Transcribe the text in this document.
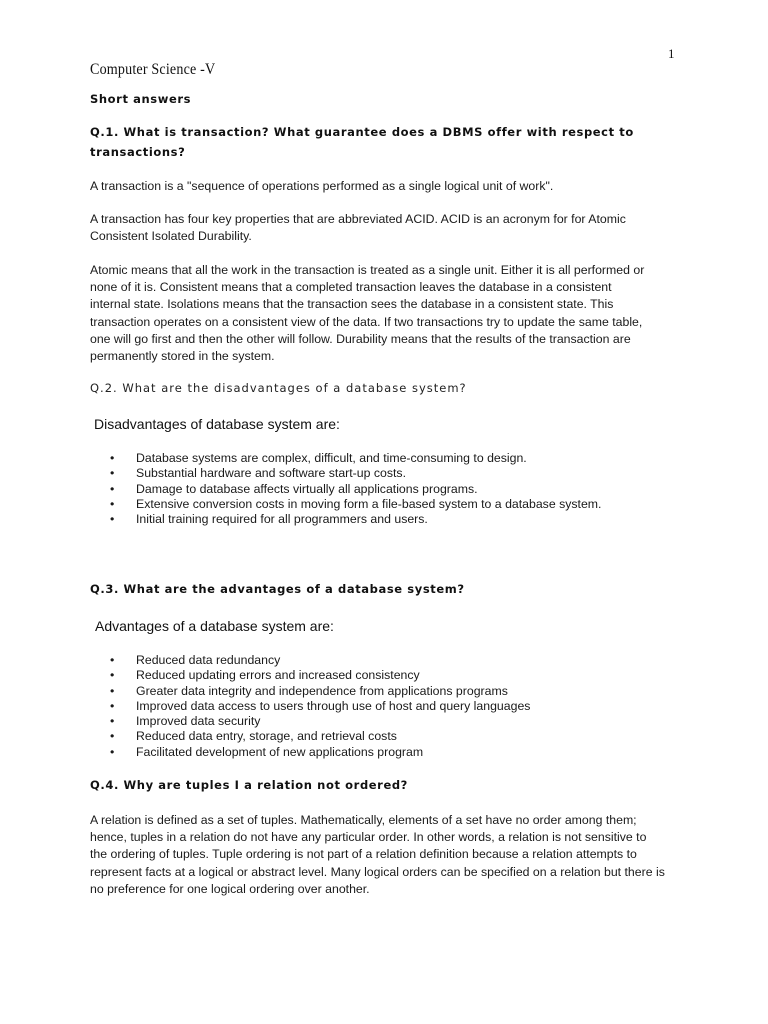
1
Computer Science -V
Short answers
Q.1. What is transaction? What guarantee does a DBMS offer with respect to
transactions?
A transaction is a "sequence of operations performed as a single logical unit of work".
A transaction has four key properties that are abbreviated ACID. ACID is an acronym for for Atomic
Consistent Isolated Durability.
Atomic means that all the work in the transaction is treated as a single unit. Either it is all performed or
none of it is. Consistent means that a completed transaction leaves the database in a consistent
internal state. Isolations means that the transaction sees the database in a consistent state. This
transaction operates on a consistent view of the data. If two transactions try to update the same table,
one will go first and then the other will follow. Durability means that the results of the transaction are
permanently stored in the system.
Q.2. What are the disadvantages of a database system?
Disadvantages of database system are:
• Database systems are complex, difficult, and time-consuming to design.
• Substantial hardware and software start-up costs.
• Damage to database affects virtually all applications programs.
• Extensive conversion costs in moving form a file-based system to a database system.
• Initial training required for all programmers and users.
Q.3. What are the advantages of a database system?
Advantages of a database system are:
• Reduced data redundancy
• Reduced updating errors and increased consistency
• Greater data integrity and independence from applications programs
• Improved data access to users through use of host and query languages
• Improved data security
• Reduced data entry, storage, and retrieval costs
• Facilitated development of new applications program
Q.4. Why are tuples I a relation not ordered?
A relation is defined as a set of tuples. Mathematically, elements of a set have no order among them;
hence, tuples in a relation do not have any particular order. In other words, a relation is not sensitive to
the ordering of tuples. Tuple ordering is not part of a relation definition because a relation attempts to
represent facts at a logical or abstract level. Many logical orders can be specified on a relation but there is
no preference for one logical ordering over another.
